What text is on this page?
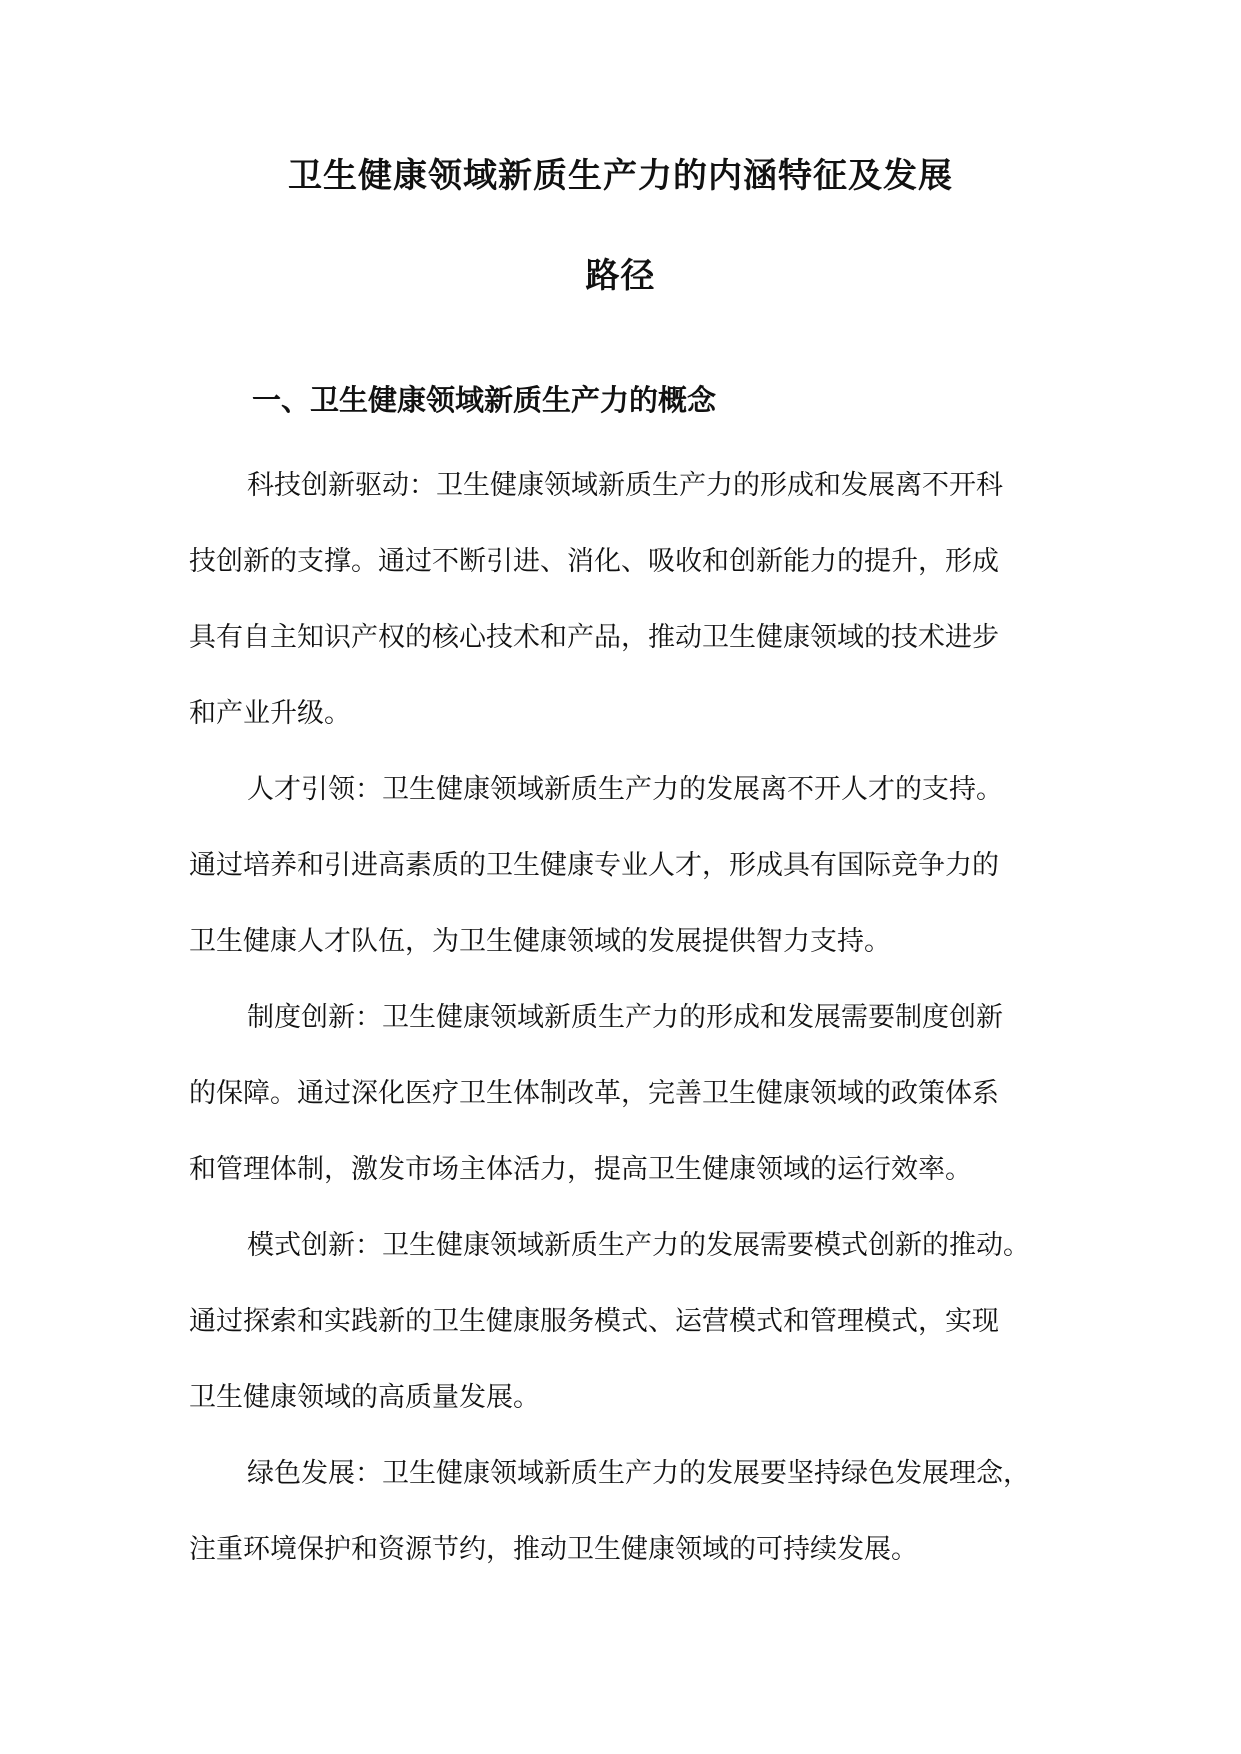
卫生健康领域新质生产力的内涵特征及发展
路径
一、卫生健康领域新质生产力的概念

科技创新驱动：卫生健康领域新质生产力的形成和发展离不开科

技创新的支撑。通过不断引进、消化、吸收和创新能力的提升，形成

具有自主知识产权的核心技术和产品，推动卫生健康领域的技术进步

和产业升级。

人才引领：卫生健康领域新质生产力的发展离不开人才的支持。

通过培养和引进高素质的卫生健康专业人才，形成具有国际竞争力的

卫生健康人才队伍，为卫生健康领域的发展提供智力支持。

制度创新：卫生健康领域新质生产力的形成和发展需要制度创新

的保障。通过深化医疗卫生体制改革，完善卫生健康领域的政策体系

和管理体制，激发市场主体活力，提高卫生健康领域的运行效率。

模式创新：卫生健康领域新质生产力的发展需要模式创新的推动。

通过探索和实践新的卫生健康服务模式、运营模式和管理模式，实现

卫生健康领域的高质量发展。

绿色发展：卫生健康领域新质生产力的发展要坚持绿色发展理念，

注重环境保护和资源节约，推动卫生健康领域的可持续发展。
